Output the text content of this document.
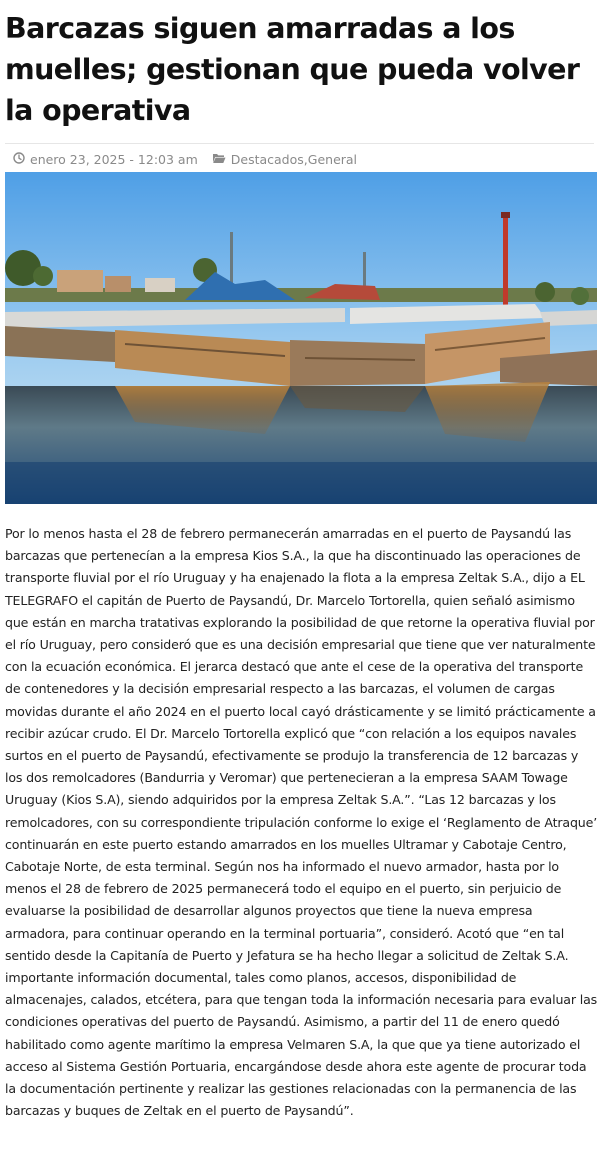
Barcazas siguen amarradas a los muelles; gestionan que pueda volver la operativa
enero 23, 2025 - 12:03 am	Destacados , General

Por lo menos hasta el 28 de febrero permanecerán amarradas en el puerto de Paysandú las barcazas que pertenecían a la empresa Kios S.A., la que ha discontinuado las operaciones de transporte fluvial por el río Uruguay y ha enajenado la flota a la empresa Zeltak S.A., dijo a EL TELEGRAFO el capitán de Puerto de Paysandú, Dr. Marcelo Tortorella, quien señaló asimismo que están en marcha tratativas explorando la posibilidad de que retorne la operativa fluvial por el río Uruguay, pero consideró que es una decisión empresarial que tiene que ver naturalmente con la ecuación económica. El jerarca destacó que ante el cese de la operativa del transporte de contenedores y la decisión empresarial respecto a las barcazas, el volumen de cargas movidas durante el año 2024 en el puerto local cayó drásticamente y se limitó prácticamente a recibir azúcar crudo. El Dr. Marcelo Tortorella explicó que “con relación a los equipos navales surtos en el puerto de Paysandú, efectivamente se produjo la transferencia de 12 barcazas y los dos remolcadores (Bandurria y Veromar) que pertenecieran a la empresa SAAM Towage Uruguay (Kios S.A), siendo adquiridos por la empresa Zeltak S.A.”. “Las 12 barcazas y los remolcadores, con su correspondiente tripulación conforme lo exige el ‘Reglamento de Atraque’ continuarán en este puerto estando amarrados en los muelles Ultramar y Cabotaje Centro, Cabotaje Norte, de esta terminal. Según nos ha informado el nuevo armador, hasta por lo menos el 28 de febrero de 2025 permanecerá todo el equipo en el puerto, sin perjuicio de evaluarse la posibilidad de desarrollar algunos proyectos que tiene la nueva empresa armadora, para continuar operando en la terminal portuaria”, consideró. Acotó que “en tal sentido desde la Capitanía de Puerto y Jefatura se ha hecho llegar a solicitud de Zeltak S.A. importante información documental, tales como planos, accesos, disponibilidad de almacenajes, calados, etcétera, para que tengan toda la información necesaria para evaluar las condiciones operativas del puerto de Paysandú. Asimismo, a partir del 11 de enero quedó habilitado como agente marítimo la empresa Velmaren S.A, la que que ya tiene autorizado el acceso al Sistema Gestión Portuaria, encargándose desde ahora este agente de procurar toda la documentación pertinente y realizar las gestiones relacionadas con la permanencia de las barcazas y buques de Zeltak en el puerto de Paysandú”.
